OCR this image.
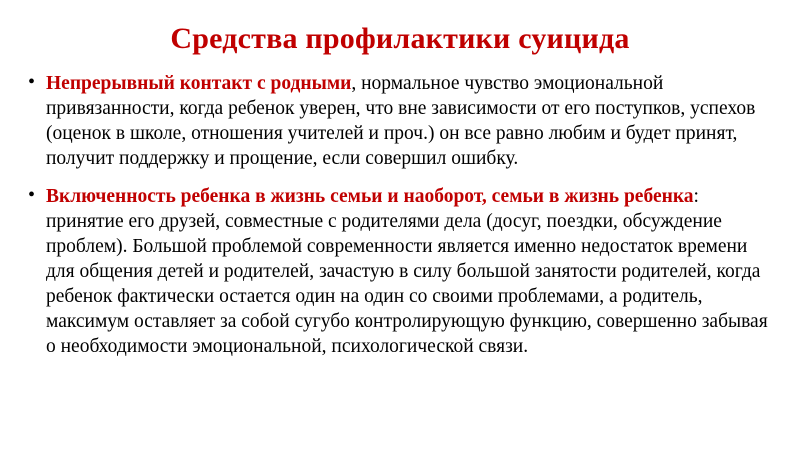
Средства профилактики суицида
• Непрерывный контакт с родными, нормальное чувство эмоциональной привязанности, когда ребенок уверен, что вне зависимости от его поступков, успехов (оценок в школе, отношения учителей и проч.) он все равно любим и будет принят, получит поддержку и прощение, если совершил ошибку.
• Включенность ребенка в жизнь семьи и наоборот, семьи в жизнь ребенка: принятие его друзей, совместные с родителями дела (досуг, поездки, обсуждение проблем). Большой проблемой современности является именно недостаток времени для общения детей и родителей, зачастую в силу большой занятости родителей, когда ребенок фактически остается один на один со своими проблемами, а родитель, максимум оставляет за собой сугубо контролирующую функцию, совершенно забывая о необходимости эмоциональной, психологической связи.
